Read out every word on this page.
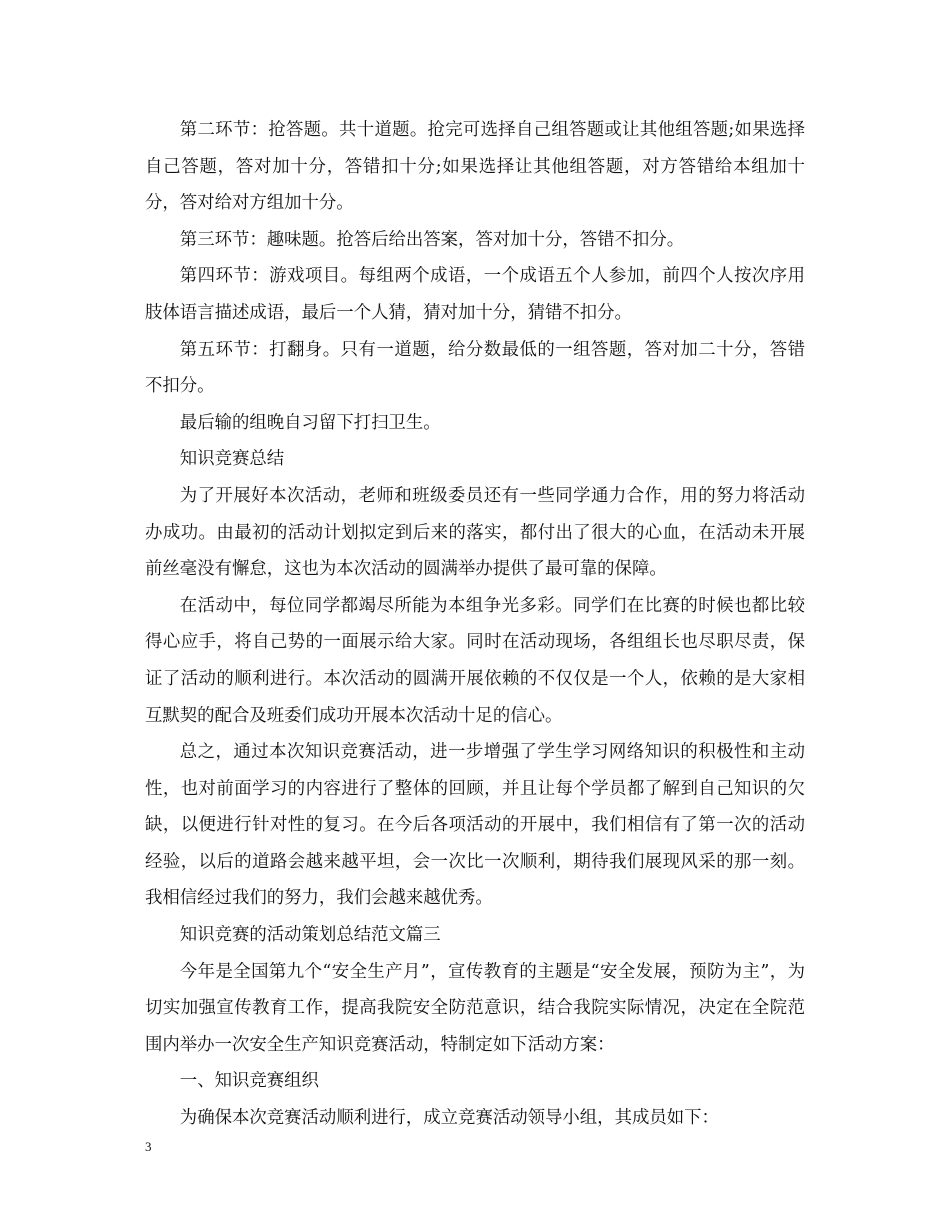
第二环节：抢答题。共十道题。抢完可选择自己组答题或让其他组答题;如果选择自己答题，答对加十分，答错扣十分;如果选择让其他组答题，对方答错给本组加十分，答对给对方组加十分。

第三环节：趣味题。抢答后给出答案，答对加十分，答错不扣分。

第四环节：游戏项目。每组两个成语，一个成语五个人参加，前四个人按次序用肢体语言描述成语，最后一个人猜，猜对加十分，猜错不扣分。

第五环节：打翻身。只有一道题，给分数最低的一组答题，答对加二十分，答错不扣分。

最后输的组晚自习留下打扫卫生。

知识竞赛总结

为了开展好本次活动，老师和班级委员还有一些同学通力合作，用的努力将活动办成功。由最初的活动计划拟定到后来的落实，都付出了很大的心血，在活动未开展前丝毫没有懈怠，这也为本次活动的圆满举办提供了最可靠的保障。

在活动中，每位同学都竭尽所能为本组争光多彩。同学们在比赛的时候也都比较得心应手，将自己势的一面展示给大家。同时在活动现场，各组组长也尽职尽责，保证了活动的顺利进行。本次活动的圆满开展依赖的不仅仅是一个人，依赖的是大家相互默契的配合及班委们成功开展本次活动十足的信心。

总之，通过本次知识竞赛活动，进一步增强了学生学习网络知识的积极性和主动性，也对前面学习的内容进行了整体的回顾，并且让每个学员都了解到自己知识的欠缺，以便进行针对性的复习。在今后各项活动的开展中，我们相信有了第一次的活动经验，以后的道路会越来越平坦，会一次比一次顺利，期待我们展现风采的那一刻。我相信经过我们的努力，我们会越来越优秀。

知识竞赛的活动策划总结范文篇三

今年是全国第九个“安全生产月”，宣传教育的主题是“安全发展，预防为主”，为切实加强宣传教育工作，提高我院安全防范意识，结合我院实际情况，决定在全院范围内举办一次安全生产知识竞赛活动，特制定如下活动方案：

一、知识竞赛组织

为确保本次竞赛活动顺利进行，成立竞赛活动领导小组，其成员如下：

3
